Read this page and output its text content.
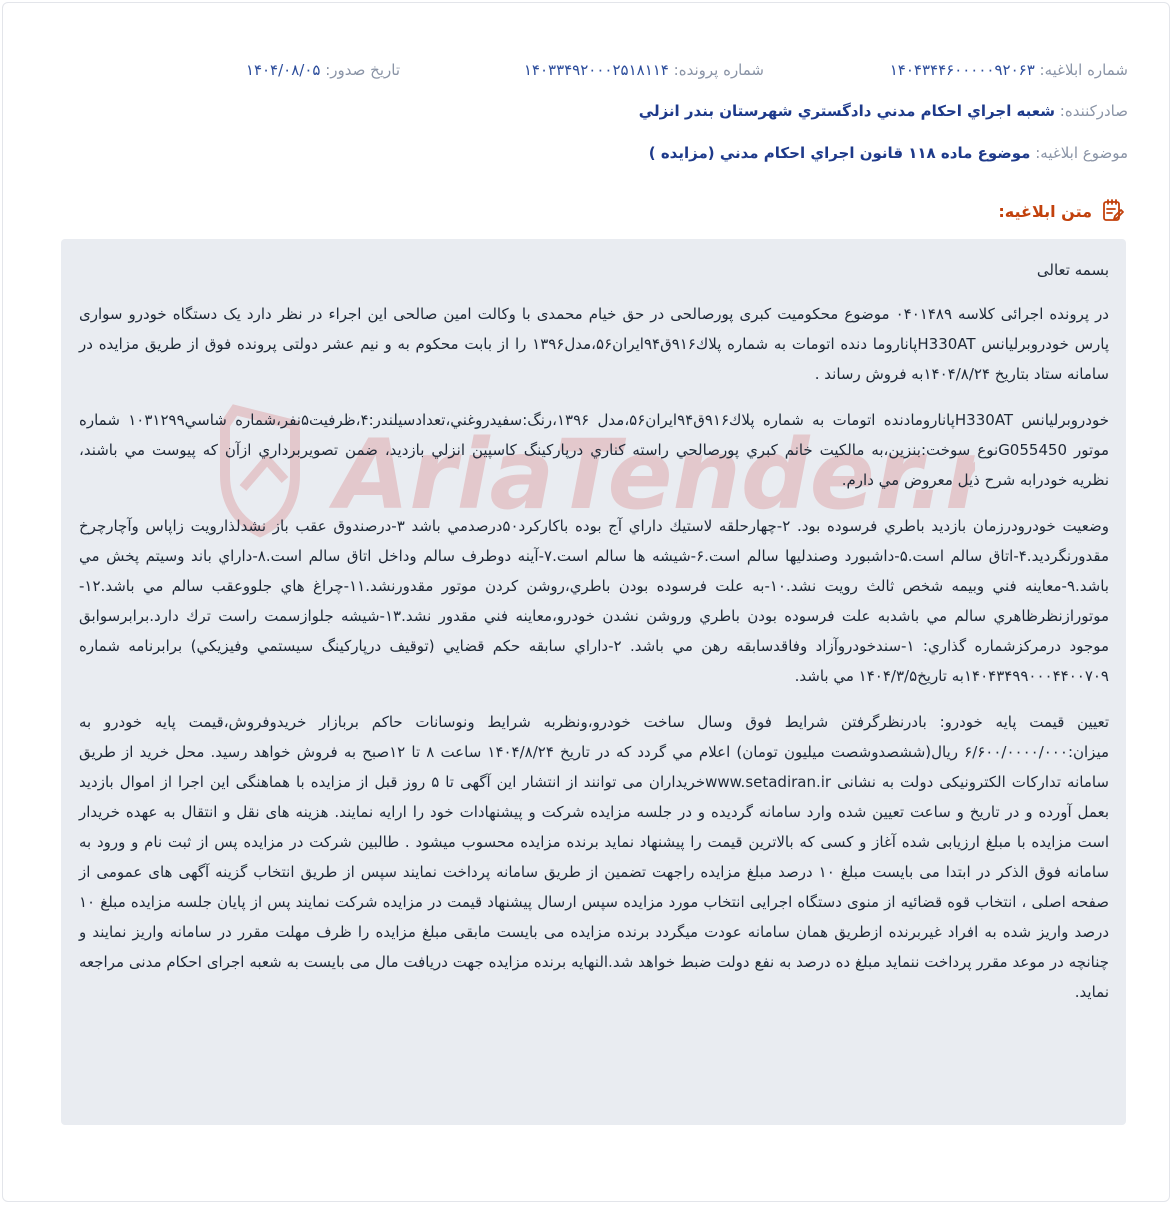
شماره ابلاغیه: ۱۴۰۴۳۴۴۶۰۰۰۰۰۹۲۰۶۳
شماره پرونده: ۱۴۰۳۳۴۹۲۰۰۰۲۵۱۸۱۱۴
تاریخ صدور: ۱۴۰۴/۰۸/۰۵
صادرکننده: شعبه اجراي احكام مدني دادگستري شهرستان بندر انزلي
موضوع ابلاغیه: موضوع ماده ۱۱۸ قانون اجراي احكام مدني (مزايده )
متن ابلاغیه:
AriaTender.

بسمه تعالی

در پرونده اجرائی کلاسه ۰۴۰۱۴۸۹ موضوع محکومیت کبری پورصالحی در حق خیام محمدی با وکالت امین صالحی این اجراء در نظر دارد یک دستگاه خودرو سواری پارس خودروبرلیانس H330ATپاناروما دنده اتومات به شماره پلاك۹۱۶ق۹۴ایران۵۶،مدل۱۳۹۶ را از بابت محکوم به و نیم عشر دولتی پرونده فوق از طریق مزایده در سامانه ستاد بتاریخ ۱۴۰۴/۸/۲۴به فروش رساند .

خودروبرلیانس H330ATپاناروماﺩنده اتومات به شماره پلاك۹۱۶ق۹۴ایران۵۶،مدل ۱۳۹۶،رنگ:سفيدروغني،تعدادسيلندر:۴،ظرفيت۵نفر،شماره شاسي۱۰۳۱۲۹۹ شماره موتور G055450نوع سوخت:بنزين،به مالكيت خانم كبري پورصالحي راسته كناري درپاركينگ كاسپين انزلي بازديد، ضمن تصويربرداري ازآن كه پيوست مي باشند، نظريه خودرابه شرح ذيل معروض مي دارم.

وضعيت خودرودرزمان بازديد باطري فرسوده بود. ۲-چهارحلقه لاستيك داراي آج بوده باكاركرد۵۰درصدمي باشد ۳-درصندوق عقب باز نشدلذارويت زاپاس وآچارچرخ مقدورنگرديد.۴-اتاق سالم است.۵-داشبورد وصندليها سالم است.۶-شيشه ها سالم است.۷-آينه دوطرف سالم وداخل اتاق سالم است.۸-داراي باند وسيتم پخش مي باشد.۹-معاينه فني وبيمه شخص ثالث رويت نشد.۱۰-به علت فرسوده بودن باطري،روشن كردن موتور مقدورنشد.۱۱-چراغ هاي جلووعقب سالم مي باشد.۱۲- موتورازنظرظاهري سالم مي باشدبه علت فرسوده بودن باطري وروشن نشدن خودرو،معاينه فني مقدور نشد.۱۳-شيشه جلوازسمت راست ترك دارد.برابرسوابق موجود درمركزشماره گذاري: ۱-سندخودروآزاد وفاقدسابقه رهن مي باشد. ۲-داراي سابقه حكم قضايي (توقيف درپاركينگ سيستمي وفيزيكي) برابرنامه شماره ۱۴۰۴۳۴۹۹۰۰۰۴۴۰۰۷۰۹به تاريخ۱۴۰۴/۳/۵ مي باشد.

تعيين قيمت پايه خودرو: بادرنظرگرفتن شرايط فوق وسال ساخت خودرو،ونظربه شرايط ونوسانات حاكم بربازار خريدوفروش،قيمت پايه خودرو به ميزان:۶/۶۰۰/۰۰۰۰/۰۰۰ ريال(ششصدوشصت ميليون تومان) اعلام مي گردد که در تاریخ ۱۴۰۴/۸/۲۴ ساعت ۸ تا ۱۲صبح به فروش خواهد رسید. محل خرید از طریق سامانه تدارکات الکترونیکی دولت به نشانی www.setadiran.irخریداران می توانند از انتشار این آگهی تا ۵ روز قبل از مزایده با هماهنگی این اجرا از اموال بازدید بعمل آورده و در تاریخ و ساعت تعیین شده وارد سامانه گردیده و در جلسه مزایده شرکت و پیشنهادات خود را ارایه نمایند. هزینه های نقل و انتقال به عهده خریدار است مزایده با مبلغ ارزیابی شده آغاز و کسی که بالاترین قیمت را پیشنهاد نماید برنده مزایده محسوب میشود . طالبین شرکت در مزایده پس از ثبت نام و ورود به سامانه فوق الذکر در ابتدا می بایست مبلغ ۱۰ درصد مبلغ مزایده راجهت تضمین از طریق سامانه پرداخت نمایند سپس از طریق انتخاب گزینه آگهی های عمومی از صفحه اصلی ، انتخاب قوه قضائیه از منوی دستگاه اجرایی انتخاب مورد مزایده سپس ارسال پیشنهاد قیمت در مزایده شرکت نمایند پس از پایان جلسه مزایده مبلغ ۱۰ درصد واریز شده به افراد غیربرنده ازطریق همان سامانه عودت میگردد برنده مزایده می بایست مابقی مبلغ مزایده را ظرف مهلت مقرر در سامانه واریز نمایند و چنانچه در موعد مقرر پرداخت ننماید مبلغ ده درصد به نفع دولت ضبط خواهد شد.النهایه برنده مزایده جهت دریافت مال می بایست به شعبه اجرای احکام مدنی مراجعه نماید.
